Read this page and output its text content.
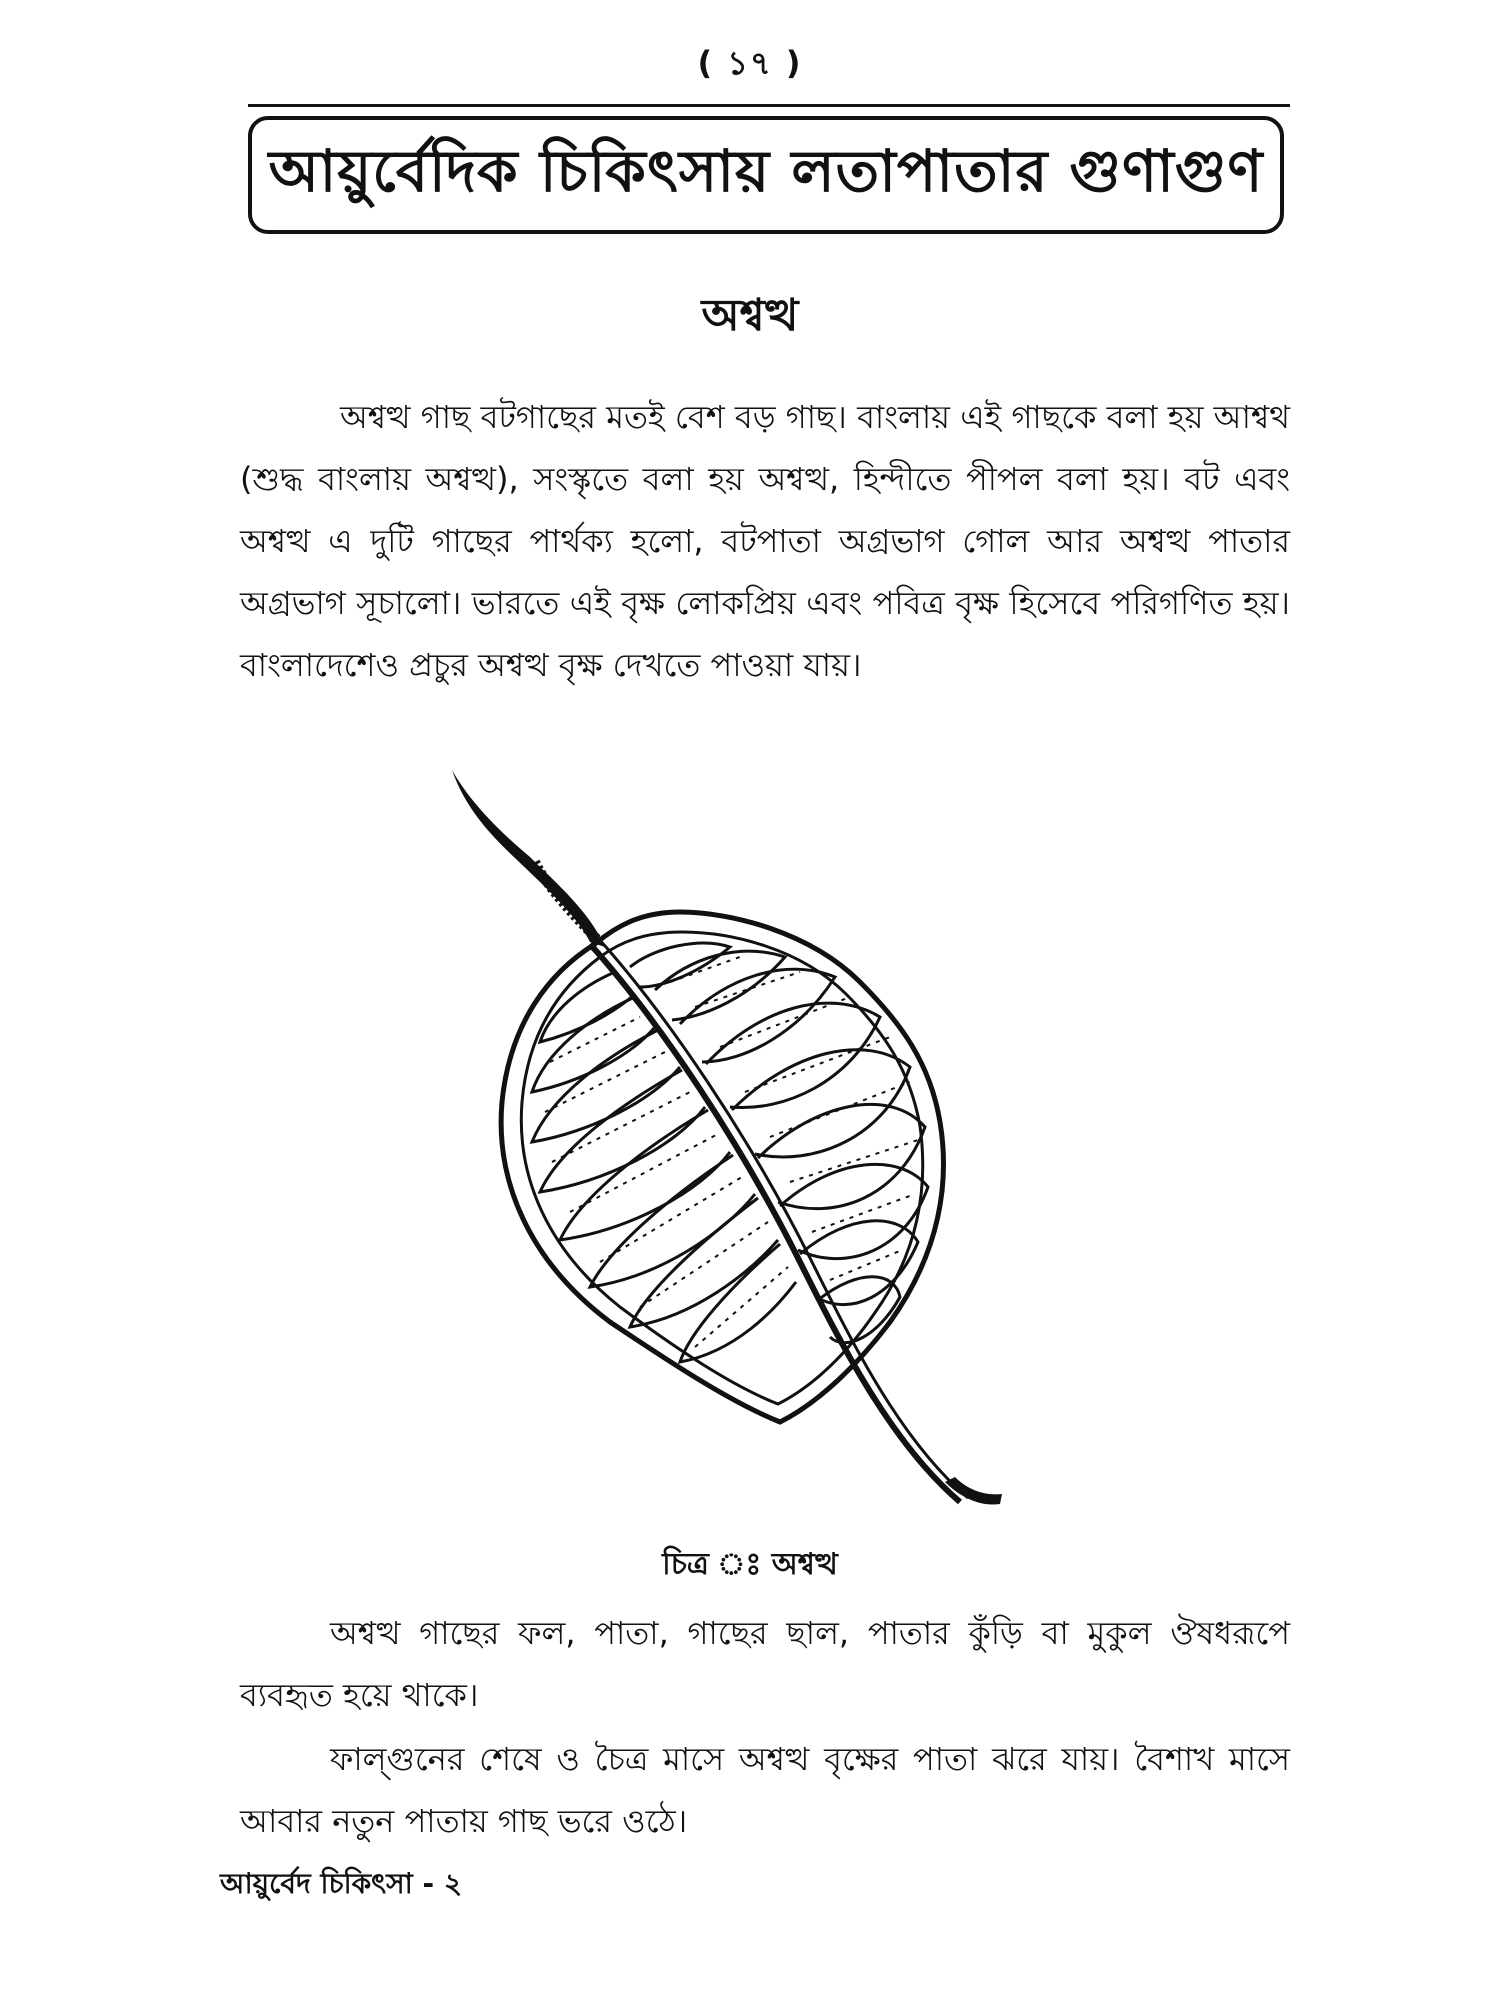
( ১৭ )
আয়ুর্বেদিক চিকিৎসায় লতাপাতার গুণাগুণ
অশ্বত্থ

অশ্বত্থ গাছ বটগাছের মতই বেশ বড় গাছ। বাংলায় এই গাছকে বলা হয় আশ্বথ (শুদ্ধ বাংলায় অশ্বত্থ), সংস্কৃতে বলা হয় অশ্বত্থ, হিন্দীতে পীপল বলা হয়। বট এবং অশ্বত্থ এ দুটি গাছের পার্থক্য হলো, বটপাতা অগ্রভাগ গোল আর অশ্বত্থ পাতার অগ্রভাগ সূচালো। ভারতে এই বৃক্ষ লোকপ্রিয় এবং পবিত্র বৃক্ষ হিসেবে পরিগণিত হয়। বাংলাদেশেও প্রচুর অশ্বত্থ বৃক্ষ দেখতে পাওয়া যায়।

চিত্র ঃ অশ্বত্থ

অশ্বত্থ গাছের ফল, পাতা, গাছের ছাল, পাতার কুঁড়ি বা মুকুল ঔষধরূপে ব্যবহৃত হয়ে থাকে।

ফাল্গুনের শেষে ও চৈত্র মাসে অশ্বত্থ বৃক্ষের পাতা ঝরে যায়। বৈশাখ মাসে আবার নতুন পাতায় গাছ ভরে ওঠে।

আয়ুর্বেদ চিকিৎসা - ২
